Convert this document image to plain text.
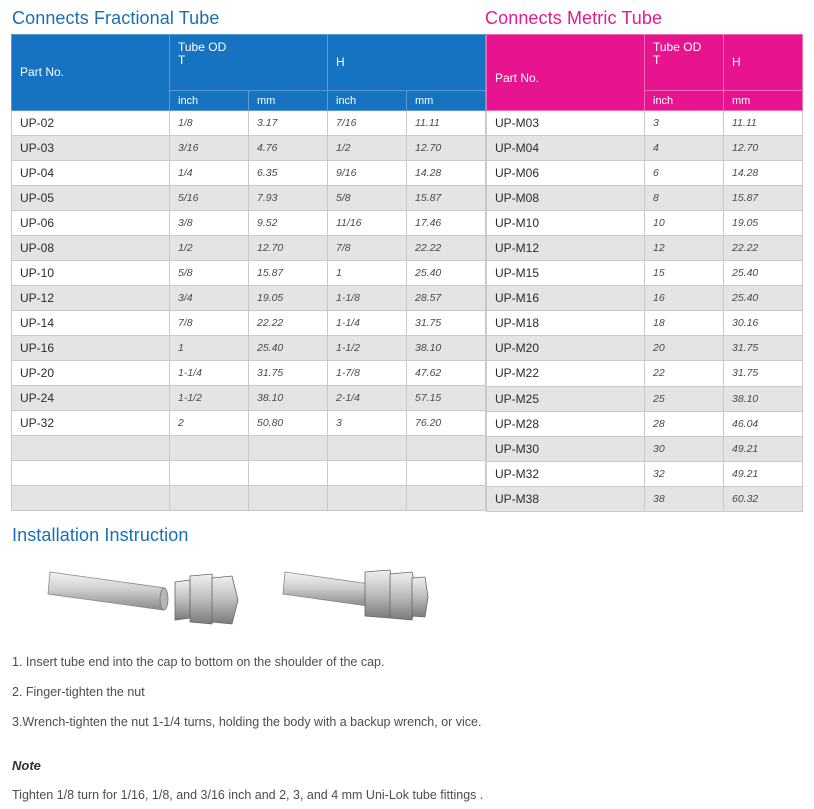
Connects Fractional Tube	Connects Metric Tube
Part No.	Tube OD
T		H	
	inch	mm	inch	mm
UP-02	1/8	3.17	7/16	11.11
UP-03	3/16	4.76	1/2	12.70
UP-04	1/4	6.35	9/16	14.28
UP-05	5/16	7.93	5/8	15.87
UP-06	3/8	9.52	11/16	17.46
UP-08	1/2	12.70	7/8	22.22
UP-10	5/8	15.87	1	25.40
UP-12	3/4	19.05	1-1/8	28.57
UP-14	7/8	22.22	1-1/4	31.75
UP-16	1	25.40	1-1/2	38.10
UP-20	1-1/4	31.75	1-7/8	47.62
UP-24	1-1/2	38.10	2-1/4	57.15
UP-32	2	50.80	3	76.20

Part No.	Tube OD
T	H
	inch	mm
UP-M03	3	11.11
UP-M04	4	12.70
UP-M06	6	14.28
UP-M08	8	15.87
UP-M10	10	19.05
UP-M12	12	22.22
UP-M15	15	25.40
UP-M16	16	25.40
UP-M18	18	30.16
UP-M20	20	31.75
UP-M22	22	31.75
UP-M25	25	38.10
UP-M28	28	46.04
UP-M30	30	49.21
UP-M32	32	49.21
UP-M38	38	60.32
Installation Instruction
1. Insert tube end into the cap to bottom on the shoulder of the cap.
2. Finger-tighten the nut
3.Wrench-tighten the nut 1-1/4 turns, holding the body with a backup wrench, or vice.
Note
Tighten 1/8 turn for 1/16, 1/8, and 3/16 inch and 2, 3, and 4 mm Uni-Lok tube fittings .
